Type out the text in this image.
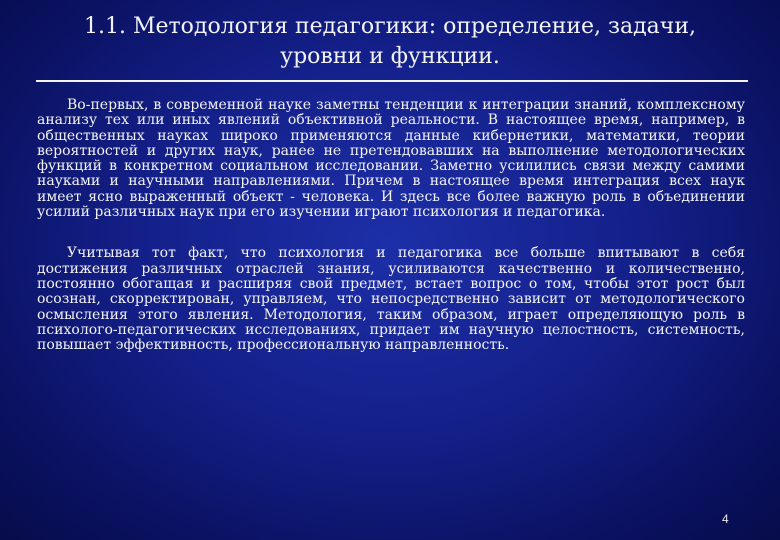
1.1. Методология педагогики: определение, задачи,
уровни и функции.

Во-первых, в современной науке заметны тенденции к интеграции знаний, комплексному анализу тех или иных явлений объективной реальности. В настоящее время, например, в общественных науках широко применяются данные кибернетики, математики, теории вероятностей и других наук, ранее не претендовавших на выполнение методологических функций в конкретном социальном исследовании. Заметно усилились связи между самими науками и научными направлениями. Причем в настоящее время интеграция всех наук имеет ясно выраженный объект - человека. И здесь все более важную роль в объединении усилий различных наук при его изучении играют психология и педагогика.

Учитывая тот факт, что психология и педагогика все больше впитывают в себя достижения различных отраслей знания, усиливаются качественно и количественно, постоянно обогащая и расширяя свой предмет, встает вопрос о том, чтобы этот рост был осознан, скорректирован, управляем, что непосредственно зависит от методологического осмысления этого явления. Методология, таким образом, играет определяющую роль в психолого-педагогических исследованиях, придает им научную целостность, системность, повышает эффективность, профессиональную направленность.

4
